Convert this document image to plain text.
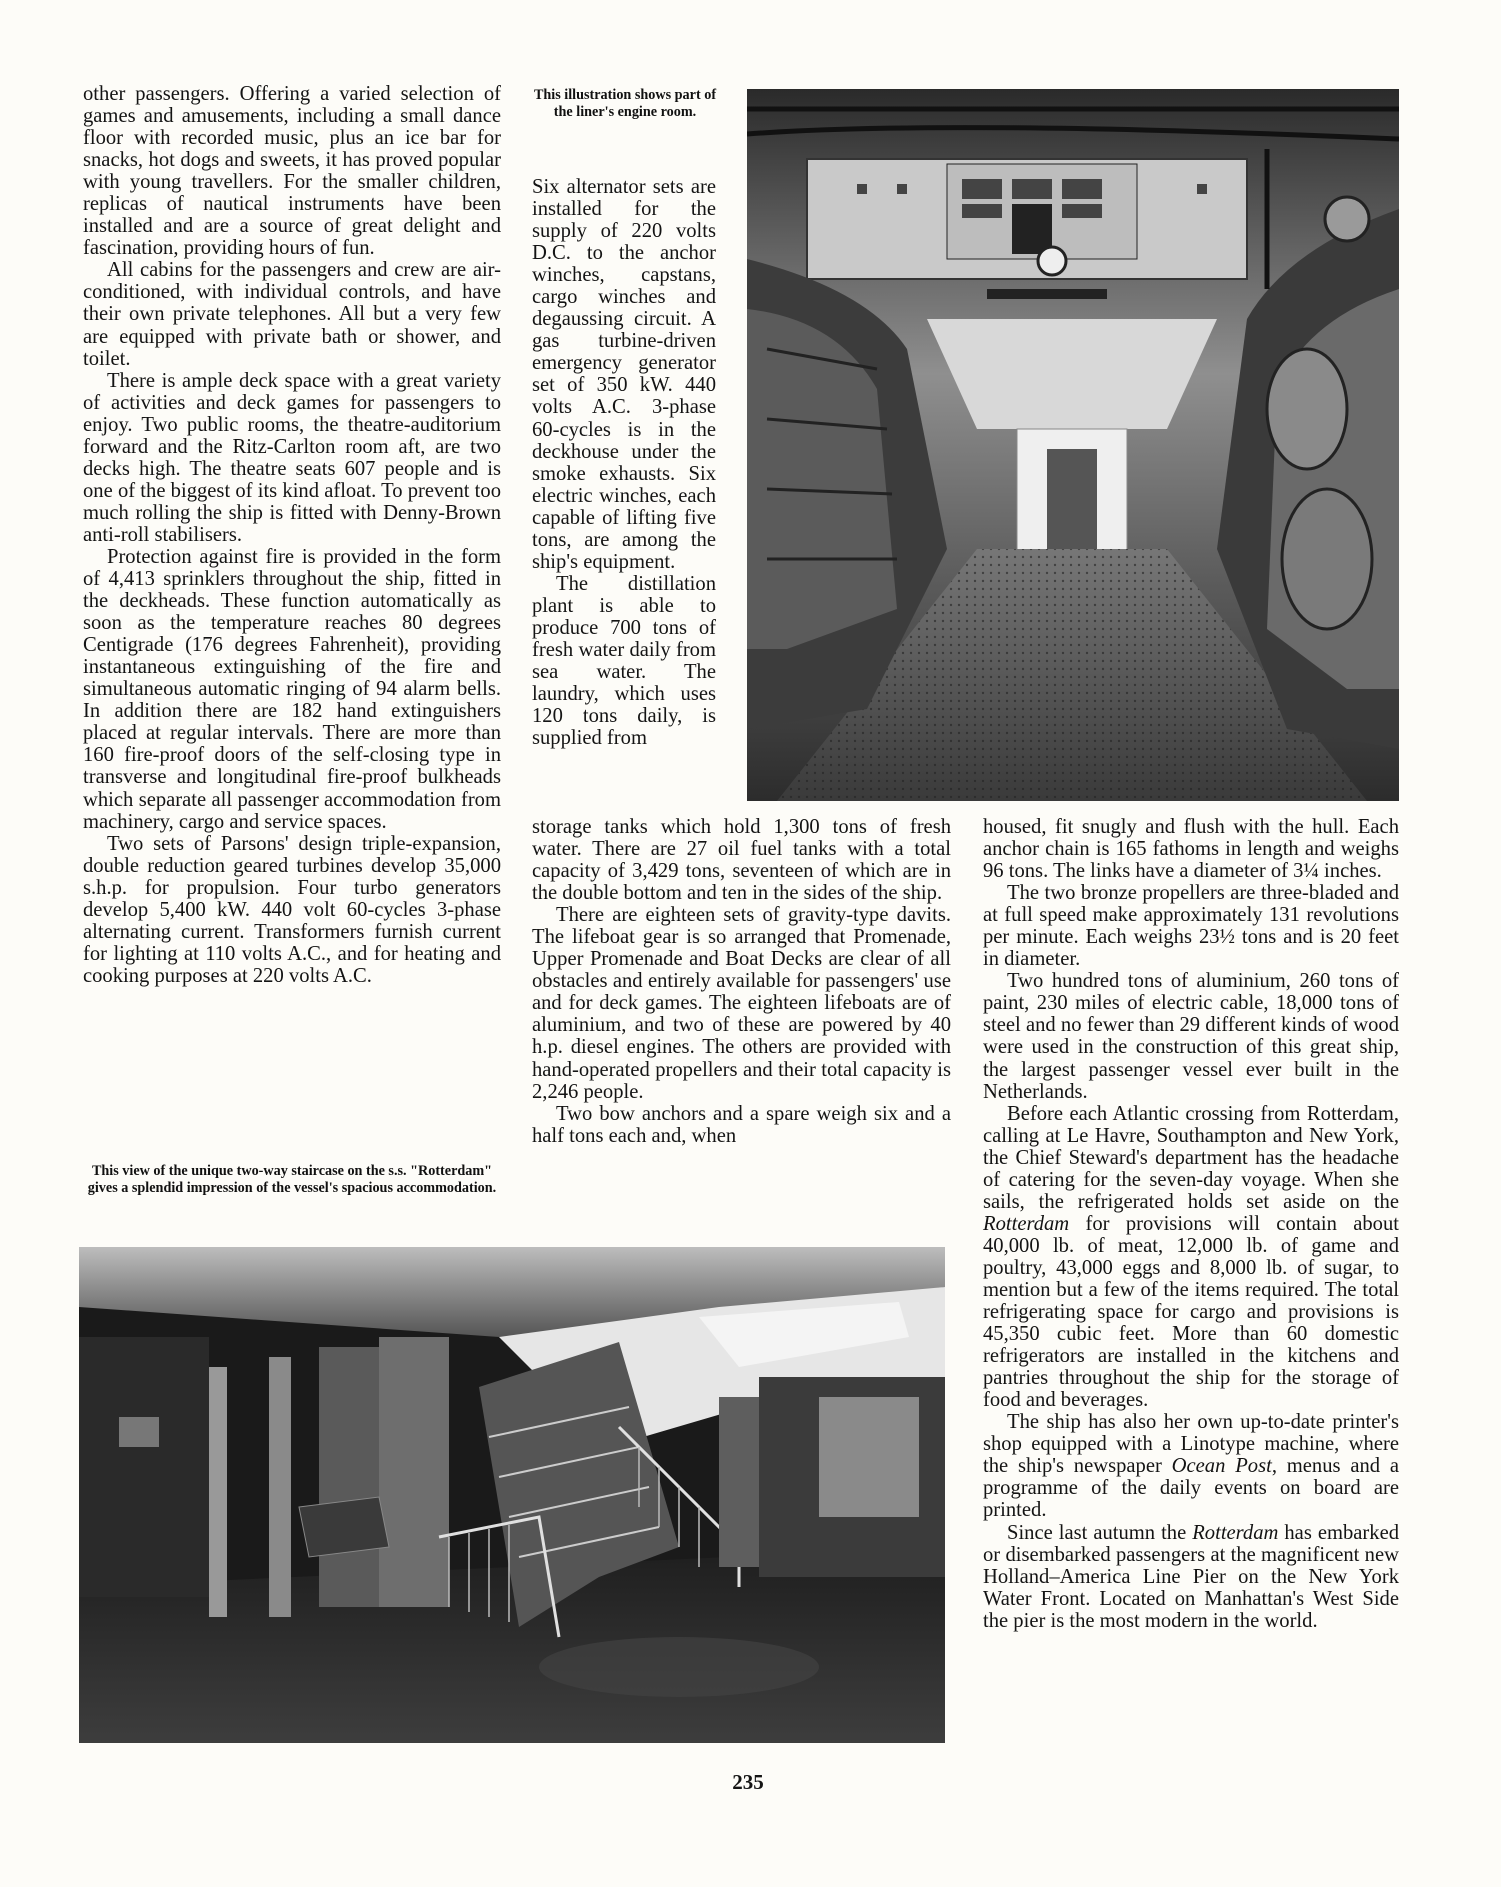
other passengers. Offering a varied selection of games and amusements, including a small dance floor with recorded music, plus an ice bar for snacks, hot dogs and sweets, it has proved popular with young travellers. For the smaller children, replicas of nautical instruments have been installed and are a source of great delight and fascination, providing hours of fun.

All cabins for the passengers and crew are air-conditioned, with individual controls, and have their own private telephones. All but a very few are equipped with private bath or shower, and toilet.

There is ample deck space with a great variety of activities and deck games for passengers to enjoy. Two public rooms, the theatre-auditorium forward and the Ritz-Carlton room aft, are two decks high. The theatre seats 607 people and is one of the biggest of its kind afloat. To prevent too much rolling the ship is fitted with Denny-Brown anti-roll stabilisers.

Protection against fire is provided in the form of 4,413 sprinklers throughout the ship, fitted in the deckheads. These function automatically as soon as the temperature reaches 80 degrees Centigrade (176 degrees Fahrenheit), providing instantaneous extinguishing of the fire and simultaneous automatic ringing of 94 alarm bells. In addition there are 182 hand extinguishers placed at regular intervals. There are more than 160 fire-proof doors of the self-closing type in transverse and longitudinal fire-proof bulkheads which separate all passenger accommodation from machinery, cargo and service spaces.

Two sets of Parsons' design triple-expansion, double reduction geared turbines develop 35,000 s.h.p. for propulsion. Four turbo generators develop 5,400 kW. 440 volt 60-cycles 3-phase alternating current. Transformers furnish current for lighting at 110 volts A.C., and for heating and cooking purposes at 220 volts A.C.

This illustration shows part of the liner's engine room.

Six alternator sets are installed for the supply of 220 volts D.C. to the anchor winches, capstans, cargo winches and degaussing circuit. A gas turbine-driven emergency generator set of 350 kW. 440 volts A.C. 3-phase 60-cycles is in the deckhouse under the smoke exhausts. Six electric winches, each capable of lifting five tons, are among the ship's equipment.

The distillation plant is able to produce 700 tons of fresh water daily from sea water. The laundry, which uses 120 tons daily, is supplied from

storage tanks which hold 1,300 tons of fresh water. There are 27 oil fuel tanks with a total capacity of 3,429 tons, seventeen of which are in the double bottom and ten in the sides of the ship.

There are eighteen sets of gravity-type davits. The lifeboat gear is so arranged that Promenade, Upper Promenade and Boat Decks are clear of all obstacles and entirely available for passengers' use and for deck games. The eighteen lifeboats are of aluminium, and two of these are powered by 40 h.p. diesel engines. The others are provided with hand-operated propellers and their total capacity is 2,246 people.

Two bow anchors and a spare weigh six and a half tons each and, when

housed, fit snugly and flush with the hull. Each anchor chain is 165 fathoms in length and weighs 96 tons. The links have a diameter of 3¼ inches.

The two bronze propellers are three-bladed and at full speed make approximately 131 revolutions per minute. Each weighs 23½ tons and is 20 feet in diameter.

Two hundred tons of aluminium, 260 tons of paint, 230 miles of electric cable, 18,000 tons of steel and no fewer than 29 different kinds of wood were used in the construction of this great ship, the largest passenger vessel ever built in the Netherlands.

Before each Atlantic crossing from Rotterdam, calling at Le Havre, Southampton and New York, the Chief Steward's department has the headache of catering for the seven-day voyage. When she sails, the refrigerated holds set aside on the Rotterdam for provisions will contain about 40,000 lb. of meat, 12,000 lb. of game and poultry, 43,000 eggs and 8,000 lb. of sugar, to mention but a few of the items required. The total refrigerating space for cargo and provisions is 45,350 cubic feet. More than 60 domestic refrigerators are installed in the kitchens and pantries throughout the ship for the storage of food and beverages.

The ship has also her own up-to-date printer's shop equipped with a Linotype machine, where the ship's newspaper Ocean Post, menus and a programme of the daily events on board are printed.

Since last autumn the Rotterdam has embarked or disembarked passengers at the magnificent new Holland–America Line Pier on the New York Water Front. Located on Manhattan's West Side the pier is the most modern in the world.

This view of the unique two-way staircase on the s.s. "Rotterdam" gives a splendid impression of the vessel's spacious accommodation.
235
